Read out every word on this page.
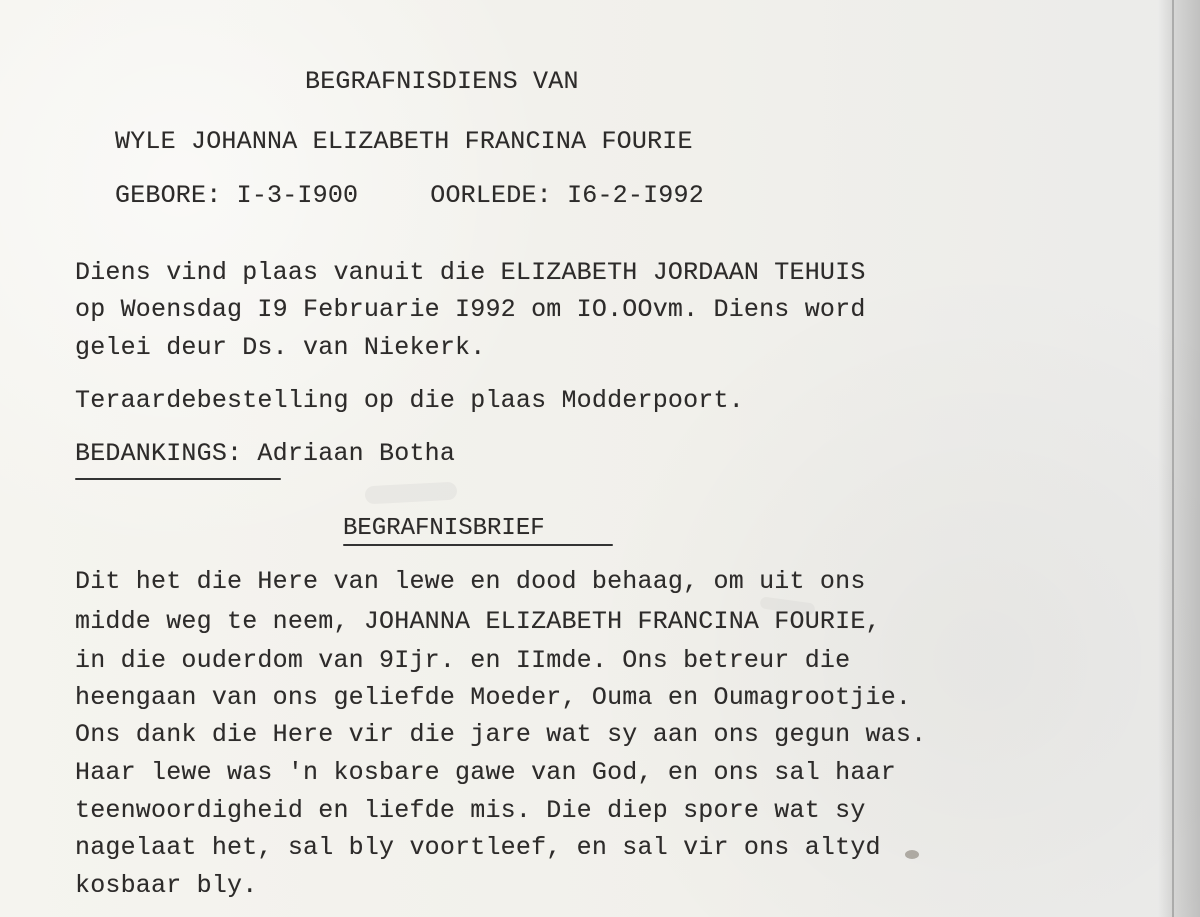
BEGRAFNISDIENS VAN
WYLE JOHANNA ELIZABETH FRANCINA FOURIE
GEBORE: I-3-I900	OORLEDE: I6-2-I992
Diens vind plaas vanuit die ELIZABETH JORDAAN TEHUIS
op Woensdag I9 Februarie I992 om IO.OOvm. Diens word
gelei deur Ds. van Niekerk.
Teraardebestelling op die plaas Modderpoort.
BEDANKINGS: Adriaan Botha
BEGRAFNISBRIEF
Dit het die Here van lewe en dood behaag, om uit ons
midde weg te neem, JOHANNA ELIZABETH FRANCINA FOURIE,
in die ouderdom van 9Ijr. en IImde. Ons betreur die
heengaan van ons geliefde Moeder, Ouma en Oumagrootjie.
Ons dank die Here vir die jare wat sy aan ons gegun was.
Haar lewe was 'n kosbare gawe van God, en ons sal haar
teenwoordigheid en liefde mis. Die diep spore wat sy
nagelaat het, sal bly voortleef, en sal vir ons altyd
kosbaar bly.
